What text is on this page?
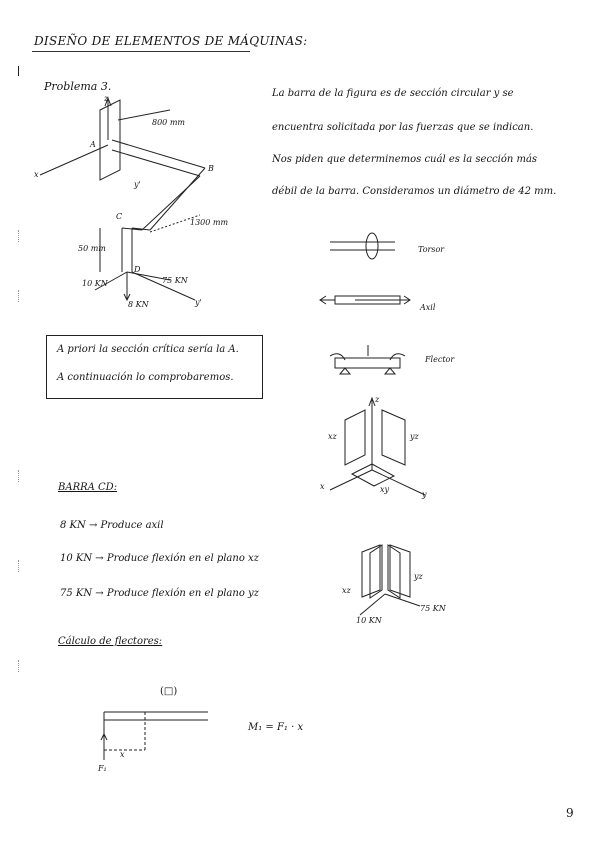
DISEÑO DE ELEMENTOS DE MÁQUINAS:
Problema 3.
La barra de la figura es de sección circular y se
encuentra solicitada por las fuerzas que se indican.
Nos piden que determinemos cuál es la sección más
débil de la barra. Consideramos un diámetro de 42 mm.
z
x
A
B
C
D
y'
y'
800 mm
1300 mm
50 mm
10 KN	75 KN
8 KN
Torsor
Axil
Flector
z
xz	yz
xy
x
y
A priori la sección crítica sería la A.
A continuación lo comprobaremos.
BARRA CD:
8 KN → Produce axil
10 KN → Produce flexión en el plano xz
75 KN → Produce flexión en el plano yz	xz
yz
75 KN
10 KN
Cálculo de flectores:
(□)
M₁ = F₁ · x
F₁
x
9
